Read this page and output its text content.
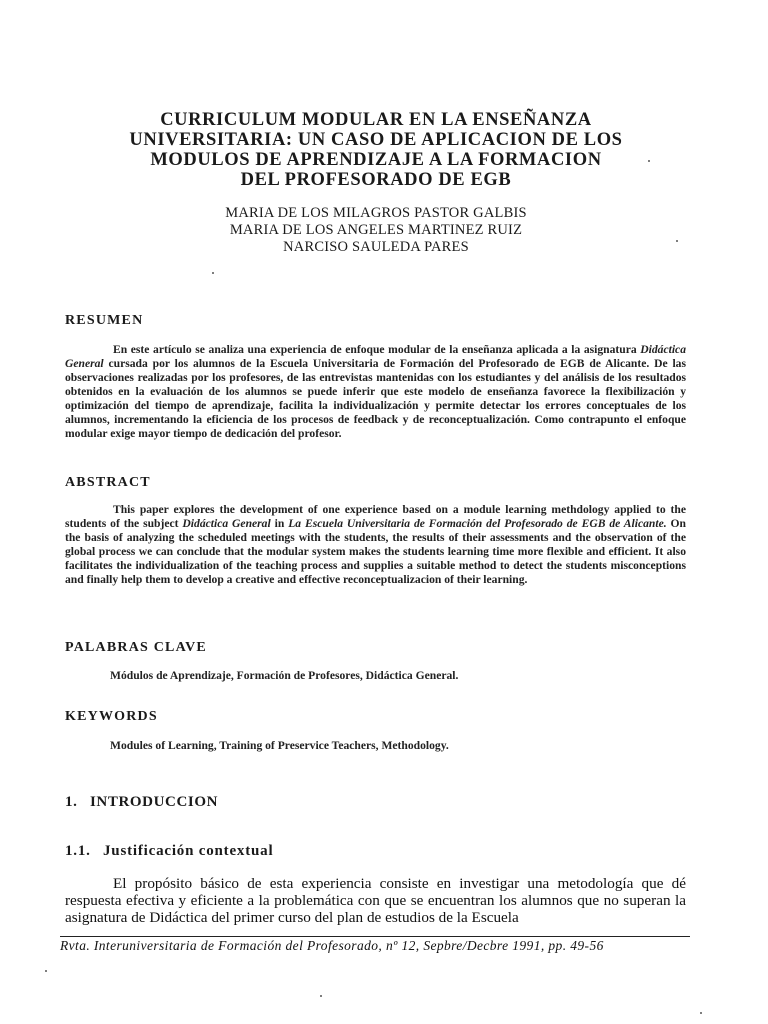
CURRICULUM MODULAR EN LA ENSEÑANZA
UNIVERSITARIA: UN CASO DE APLICACION DE LOS
MODULOS DE APRENDIZAJE A LA FORMACION
DEL PROFESORADO DE EGB
MARIA DE LOS MILAGROS PASTOR GALBIS
MARIA DE LOS ANGELES MARTINEZ RUIZ
NARCISO SAULEDA PARES
RESUMEN

En este artículo se analiza una experiencia de enfoque modular de la enseñanza aplicada a la asignatura Didáctica General cursada por los alumnos de la Escuela Universitaria de Formación del Profesorado de EGB de Alicante. De las observaciones realizadas por los profesores, de las entrevistas mantenidas con los estudiantes y del análisis de los resultados obtenidos en la evaluación de los alumnos se puede inferir que este modelo de enseñanza favorece la flexibilización y optimización del tiempo de aprendizaje, facilita la individualización y permite detectar los errores conceptuales de los alumnos, incrementando la eficiencia de los procesos de feedback y de reconceptualización. Como contrapunto el enfoque modular exige mayor tiempo de dedicación del profesor.

ABSTRACT

This paper explores the development of one experience based on a module learning methdology applied to the students of the subject Didáctica General in La Escuela Universitaria de Formación del Profesorado de EGB de Alicante. On the basis of analyzing the scheduled meetings with the students, the results of their assessments and the observation of the global process we can conclude that the modular system makes the students learning time more flexible and efficient. It also facilitates the individualization of the teaching process and supplies a suitable method to detect the students misconceptions and finally help them to develop a creative and effective reconceptualizacion of their learning.

PALABRAS CLAVE

Módulos de Aprendizaje, Formación de Profesores, Didáctica General.

KEYWORDS

Modules of Learning, Training of Preservice Teachers, Methodology.

1. INTRODUCCION
1.1. Justificación contextual

El propósito básico de esta experiencia consiste en investigar una metodología que dé respuesta efectiva y eficiente a la problemática con que se encuentran los alumnos que no superan la asignatura de Didáctica del primer curso del plan de estudios de la Escuela

Rvta. Interuniversitaria de Formación del Profesorado, nº 12, Sepbre/Decbre 1991, pp. 49-56
